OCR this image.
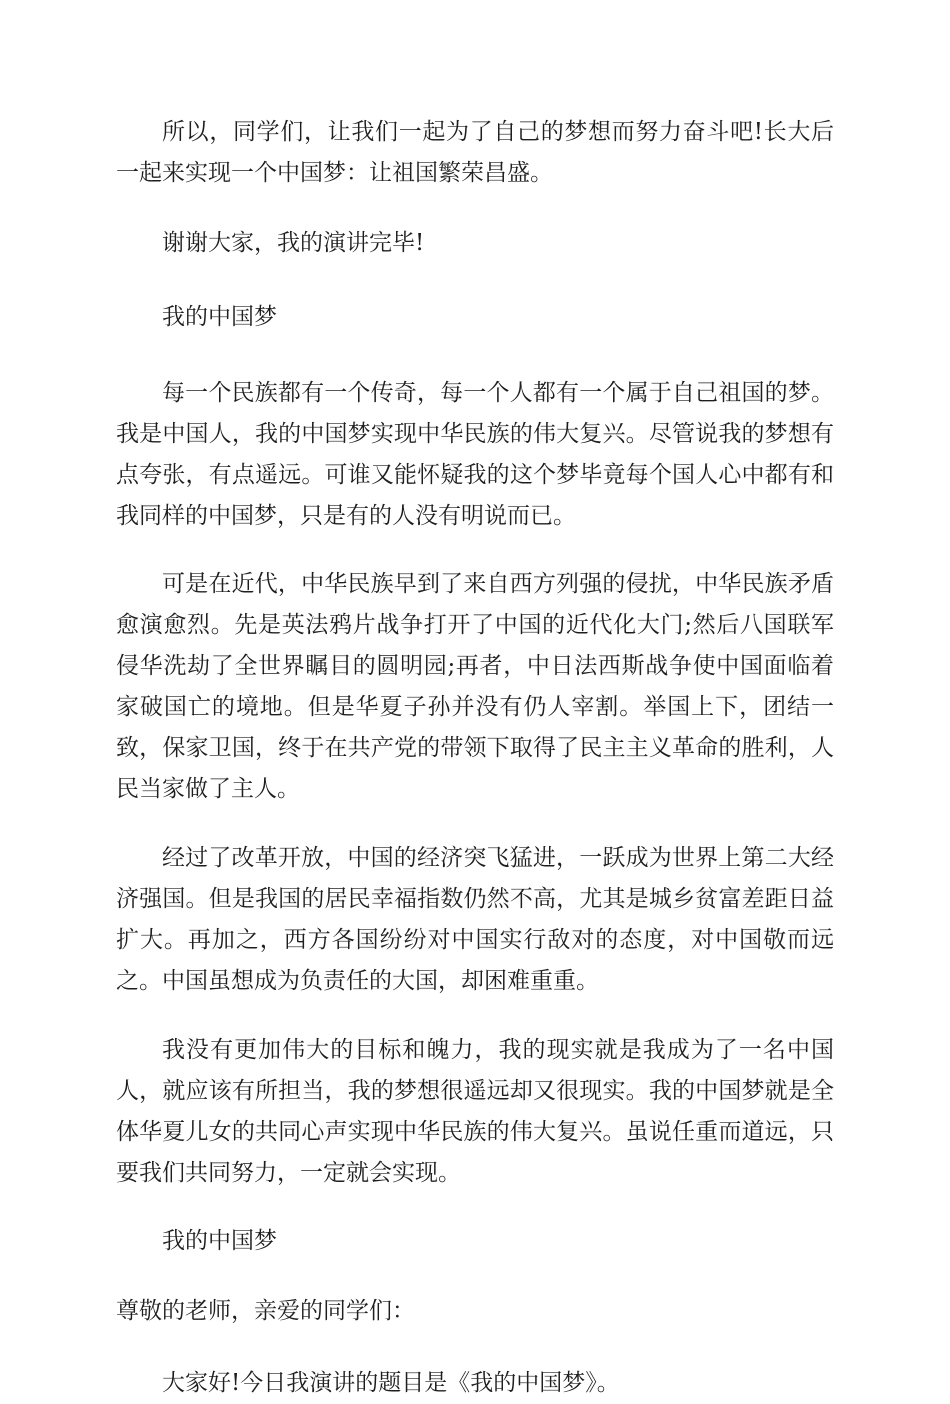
所以，同学们，让我们一起为了自己的梦想而努力奋斗吧!长大后一起来实现一个中国梦：让祖国繁荣昌盛。

谢谢大家，我的演讲完毕!

我的中国梦

每一个民族都有一个传奇，每一个人都有一个属于自己祖国的梦。我是中国人，我的中国梦实现中华民族的伟大复兴。尽管说我的梦想有点夸张，有点遥远。可谁又能怀疑我的这个梦毕竟每个国人心中都有和我同样的中国梦，只是有的人没有明说而已。

可是在近代，中华民族早到了来自西方列强的侵扰，中华民族矛盾愈演愈烈。先是英法鸦片战争打开了中国的近代化大门;然后八国联军侵华洗劫了全世界瞩目的圆明园;再者，中日法西斯战争使中国面临着家破国亡的境地。但是华夏子孙并没有仍人宰割。举国上下，团结一致，保家卫国，终于在共产党的带领下取得了民主主义革命的胜利，人民当家做了主人。

经过了改革开放，中国的经济突飞猛进，一跃成为世界上第二大经济强国。但是我国的居民幸福指数仍然不高，尤其是城乡贫富差距日益扩大。再加之，西方各国纷纷对中国实行敌对的态度，对中国敬而远之。中国虽想成为负责任的大国，却困难重重。

我没有更加伟大的目标和魄力，我的现实就是我成为了一名中国人，就应该有所担当，我的梦想很遥远却又很现实。我的中国梦就是全体华夏儿女的共同心声实现中华民族的伟大复兴。虽说任重而道远，只要我们共同努力，一定就会实现。

我的中国梦

尊敬的老师，亲爱的同学们：

大家好!今日我演讲的题目是《我的中国梦》。
